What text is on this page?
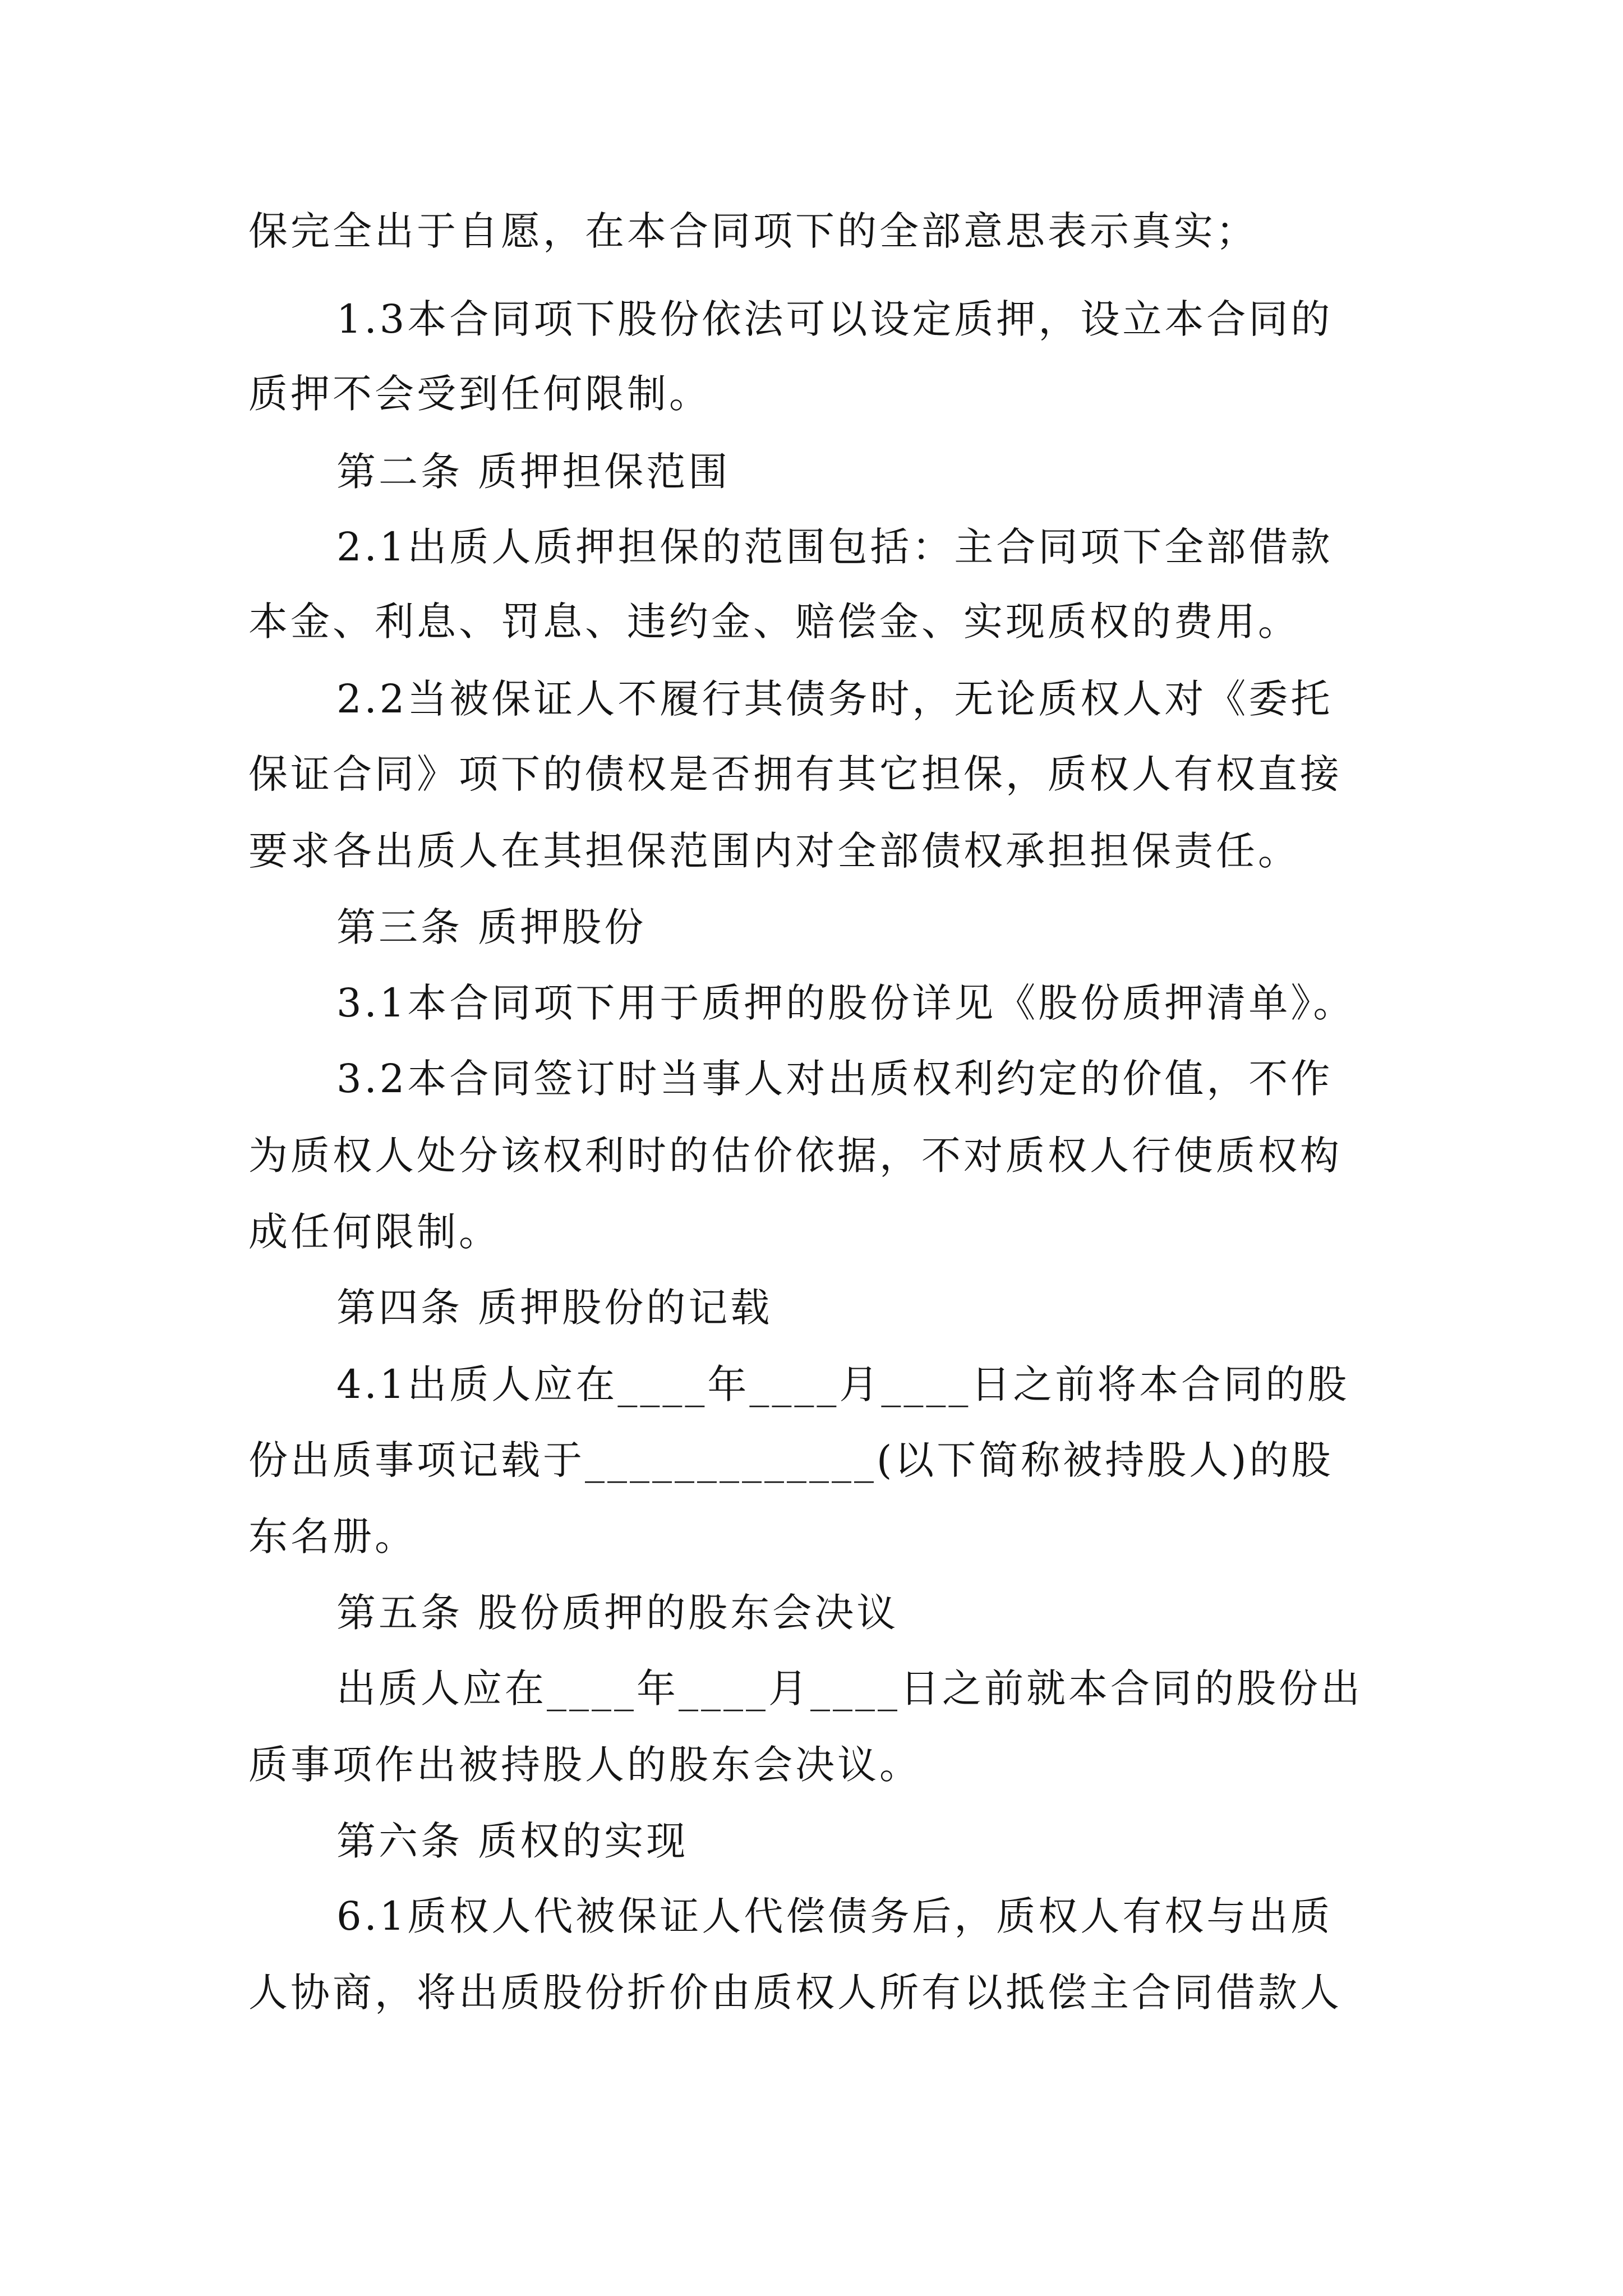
保完全出于自愿，在本合同项下的全部意思表示真实；
1.3本合同项下股份依法可以设定质押，设立本合同的
质押不会受到任何限制。
第二条 质押担保范围
2.1出质人质押担保的范围包括：主合同项下全部借款
本金、利息、罚息、违约金、赔偿金、实现质权的费用。
2.2当被保证人不履行其债务时，无论质权人对《委托
保证合同》项下的债权是否拥有其它担保，质权人有权直接
要求各出质人在其担保范围内对全部债权承担担保责任。
第三条 质押股份
3.1本合同项下用于质押的股份详见《股份质押清单》。
3.2本合同签订时当事人对出质权利约定的价值，不作
为质权人处分该权利时的估价依据，不对质权人行使质权构
成任何限制。
第四条 质押股份的记载
4.1出质人应在____年____月____日之前将本合同的股
份出质事项记载于_____________(以下简称被持股人)的股
东名册。
第五条 股份质押的股东会决议
出质人应在____年____月____日之前就本合同的股份出
质事项作出被持股人的股东会决议。
第六条 质权的实现
6.1质权人代被保证人代偿债务后，质权人有权与出质
人协商，将出质股份折价由质权人所有以抵偿主合同借款人
